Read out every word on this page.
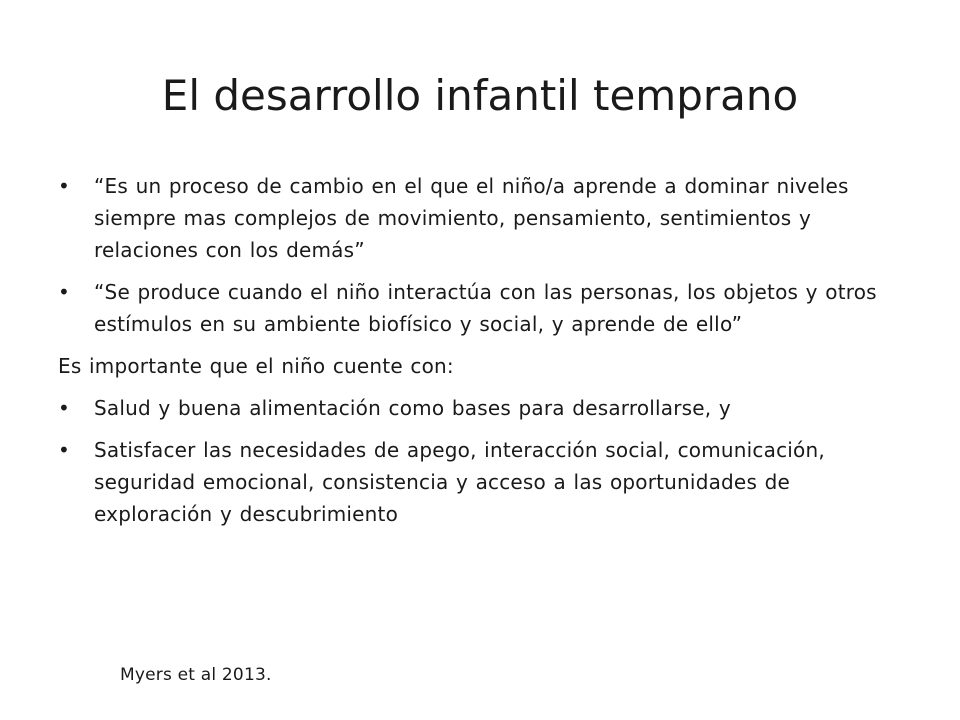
El desarrollo infantil temprano
•	“Es un proceso de cambio en el que el niño/a aprende a dominar niveles siempre mas complejos de movimiento, pensamiento, sentimientos y relaciones con los demás”
•	“Se produce cuando el niño interactúa con las personas, los objetos y otros estímulos en su ambiente biofísico y social, y aprende de ello”
Es importante que el niño cuente con:
•	Salud y buena alimentación como bases para desarrollarse, y
•	Satisfacer las necesidades de apego, interacción social, comunicación, seguridad emocional, consistencia y acceso a las oportunidades de exploración y descubrimiento
Myers et al 2013.
